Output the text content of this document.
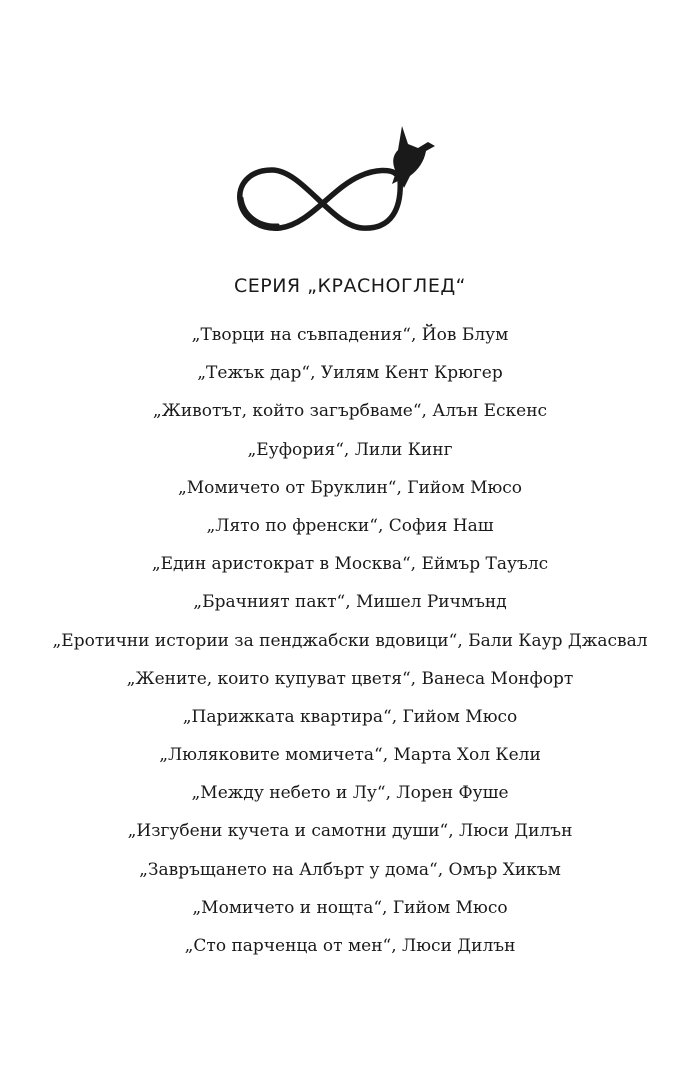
СЕРИЯ „КРАСНОГЛЕД“
„Творци на съвпадения“, Йов Блум
„Тежък дар“, Уилям Кент Крюгер
„Животът, който загърбваме“, Алън Ескенс
„Еуфория“, Лили Кинг
„Момичето от Бруклин“, Гийом Мюсо
„Лято по френски“, София Наш
„Един аристократ в Москва“, Еймър Тауълс
„Брачният пакт“, Мишел Ричмънд
„Еротични истории за пенджабски вдовици“, Бали Каур Джасвал
„Жените, които купуват цветя“, Ванеса Монфорт
„Парижката квартира“, Гийом Мюсо
„Люляковите момичета“, Марта Хол Кели
„Между небето и Лу“, Лорен Фуше
„Изгубени кучета и самотни души“, Люси Дилън
„Завръщането на Албърт у дома“, Омър Хикъм
„Момичето и нощта“, Гийом Мюсо
„Сто парченца от мен“, Люси Дилън
